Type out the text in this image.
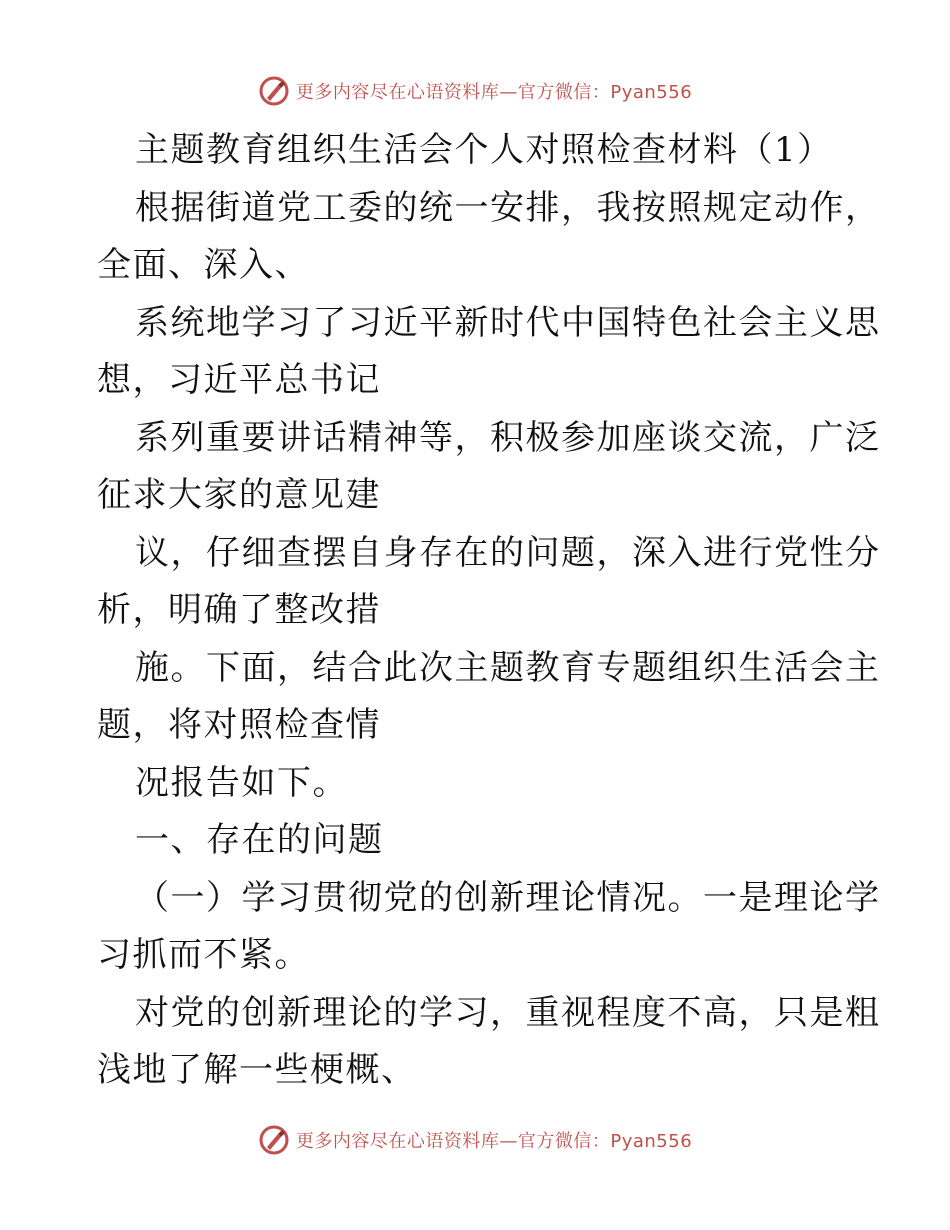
更多内容尽在心语资料库—官方微信：Pyan556
主题教育组织生活会个人对照检查材料（1）
根据街道党工委的统一安排，我按照规定动作，
全面、深入、
系统地学习了习近平新时代中国特色社会主义思
想，习近平总书记
系列重要讲话精神等，积极参加座谈交流，广泛
征求大家的意见建
议，仔细查摆自身存在的问题，深入进行党性分
析，明确了整改措
施。下面，结合此次主题教育专题组织生活会主
题，将对照检查情
况报告如下。
一、存在的问题
（一）学习贯彻党的创新理论情况。一是理论学
习抓而不紧。
对党的创新理论的学习，重视程度不高，只是粗
浅地了解一些梗概、
更多内容尽在心语资料库—官方微信：Pyan556
